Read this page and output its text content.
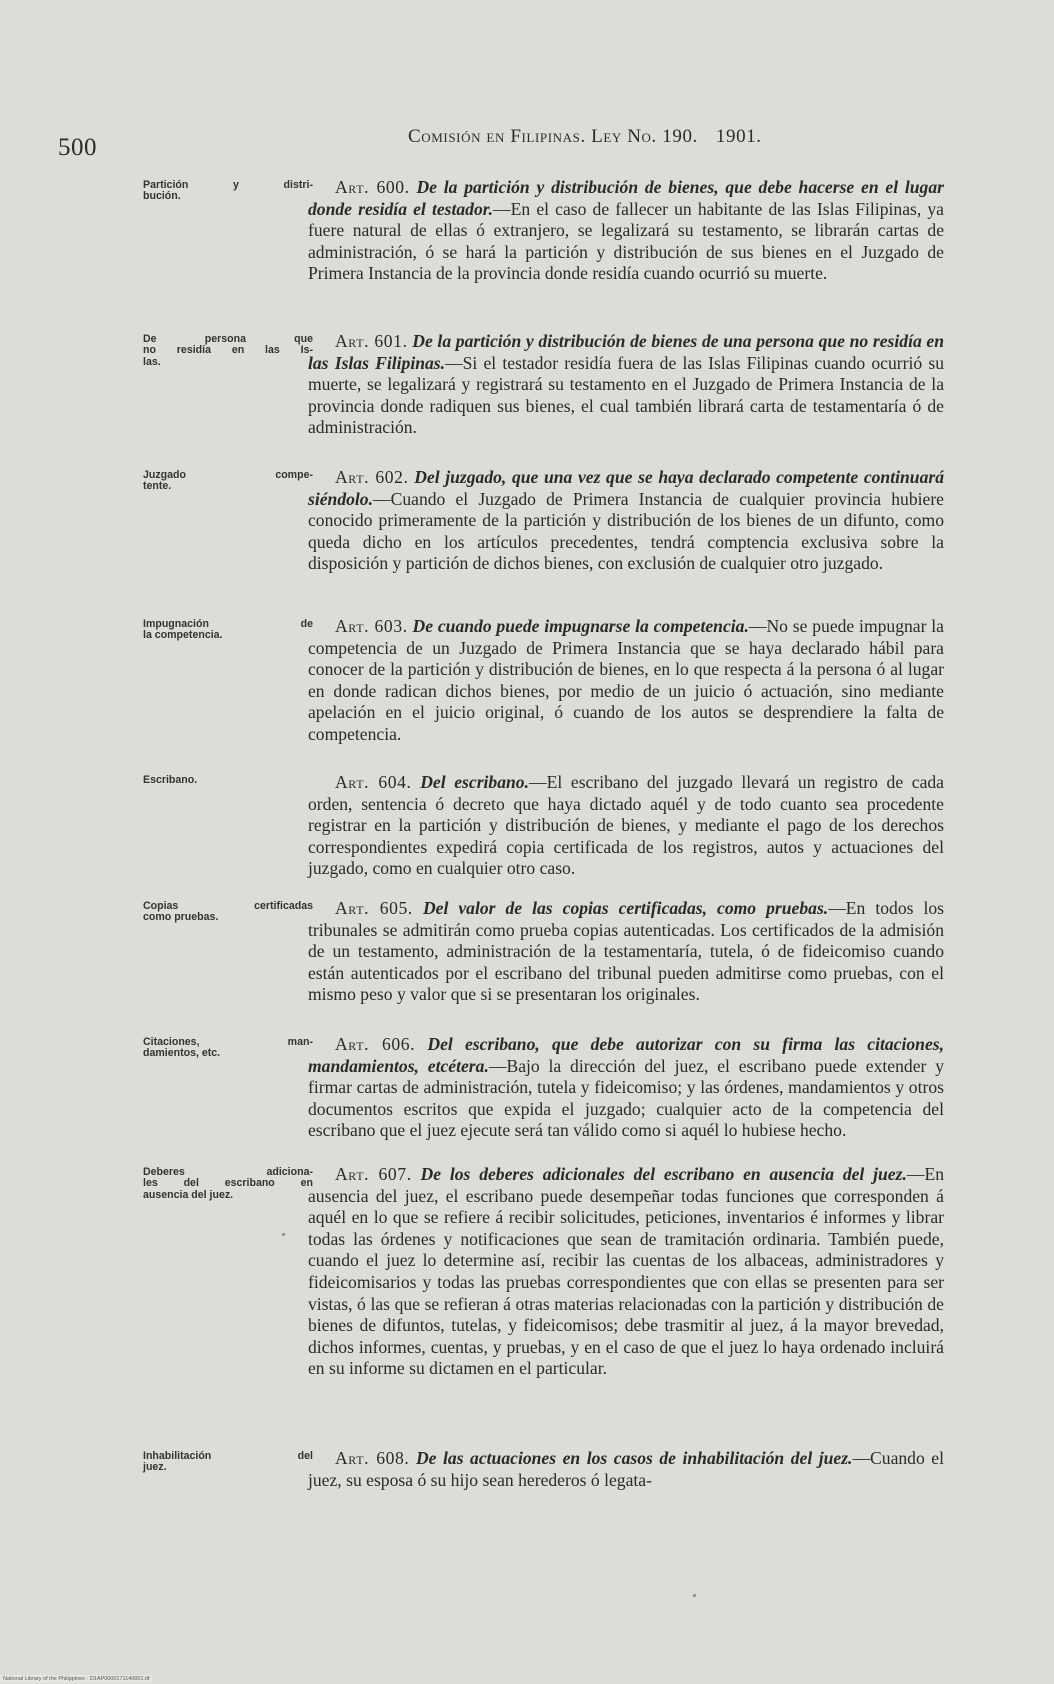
500	Comisión en Filipinas. Ley No. 190. 1901.

Partición y distri-
bución.

De persona que
no residía en las Is-
las.

Juzgado compe-
tente.

Impugnación de
la competencia.

Escribano.

Copias certificadas
como pruebas.

Citaciones, man-
damientos, etc.

Deberes adiciona-
les del escribano en
ausencia del juez.

Inhabilitación del
juez.

Art. 600. De la partición y distribución de bienes, que debe hacerse en el lugar donde residía el testador.—En el caso de fallecer un habitante de las Islas Filipinas, ya fuere natural de ellas ó extranjero, se legalizará su testamento, se librarán cartas de administración, ó se hará la partición y distribución de sus bienes en el Juzgado de Primera Instancia de la provincia donde residía cuando ocurrió su muerte.

Art. 601. De la partición y distribución de bienes de una persona que no residía en las Islas Filipinas.—Si el testador residía fuera de las Islas Filipinas cuando ocurrió su muerte, se legalizará y registrará su testamento en el Juzgado de Primera Instancia de la provincia donde radiquen sus bienes, el cual también librará carta de testamentaría ó de administración.

Art. 602. Del juzgado, que una vez que se haya declarado competente continuará siéndolo.—Cuando el Juzgado de Primera Instancia de cualquier provincia hubiere conocido primeramente de la partición y distribución de los bienes de un difunto, como queda dicho en los artículos precedentes, tendrá comptencia exclusiva sobre la disposición y partición de dichos bienes, con exclusión de cualquier otro juzgado.

Art. 603. De cuando puede impugnarse la competencia.—No se puede impugnar la competencia de un Juzgado de Primera Instancia que se haya declarado hábil para conocer de la partición y distribución de bienes, en lo que respecta á la persona ó al lugar en donde radican dichos bienes, por medio de un juicio ó actuación, sino mediante apelación en el juicio original, ó cuando de los autos se desprendiere la falta de competencia.

Art. 604. Del escribano.—El escribano del juzgado llevará un registro de cada orden, sentencia ó decreto que haya dictado aquél y de todo cuanto sea procedente registrar en la partición y distribución de bienes, y mediante el pago de los derechos correspondientes expedirá copia certificada de los registros, autos y actuaciones del juzgado, como en cualquier otro caso.

Art. 605. Del valor de las copias certificadas, como pruebas.—En todos los tribunales se admitirán como prueba copias autenticadas. Los certificados de la admisión de un testamento, administración de la testamentaría, tutela, ó de fideicomiso cuando están autenticados por el escribano del tribunal pueden admitirse como pruebas, con el mismo peso y valor que si se presentaran los originales.

Art. 606. Del escribano, que debe autorizar con su firma las citaciones, mandamientos, etcétera.—Bajo la dirección del juez, el escribano puede extender y firmar cartas de administración, tutela y fideicomiso; y las órdenes, mandamientos y otros documentos escritos que expida el juzgado; cualquier acto de la competencia del escribano que el juez ejecute será tan válido como si aquél lo hubiese hecho.

Art. 607. De los deberes adicionales del escribano en ausencia del juez.—En ausencia del juez, el escribano puede desempeñar todas funciones que corresponden á aquél en lo que se refiere á recibir solicitudes, peticiones, inventarios é informes y librar todas las órdenes y notificaciones que sean de tramitación ordinaria. También puede, cuando el juez lo determine así, recibir las cuentas de los albaceas, administradores y fideicomisarios y todas las pruebas correspondientes que con ellas se presenten para ser vistas, ó las que se refieran á otras materias relacionadas con la partición y distribución de bienes de difuntos, tutelas, y fideicomisos; debe trasmitir al juez, á la mayor brevedad, dichos informes, cuentas, y pruebas, y en el caso de que el juez lo haya ordenado incluirá en su informe su dictamen en el particular.

Art. 608. De las actuaciones en los casos de inhabilitación del juez.—Cuando el juez, su esposa ó su hijo sean herederos ó legata-

National Library of the Philippines · D1AP0000171140001.tif
